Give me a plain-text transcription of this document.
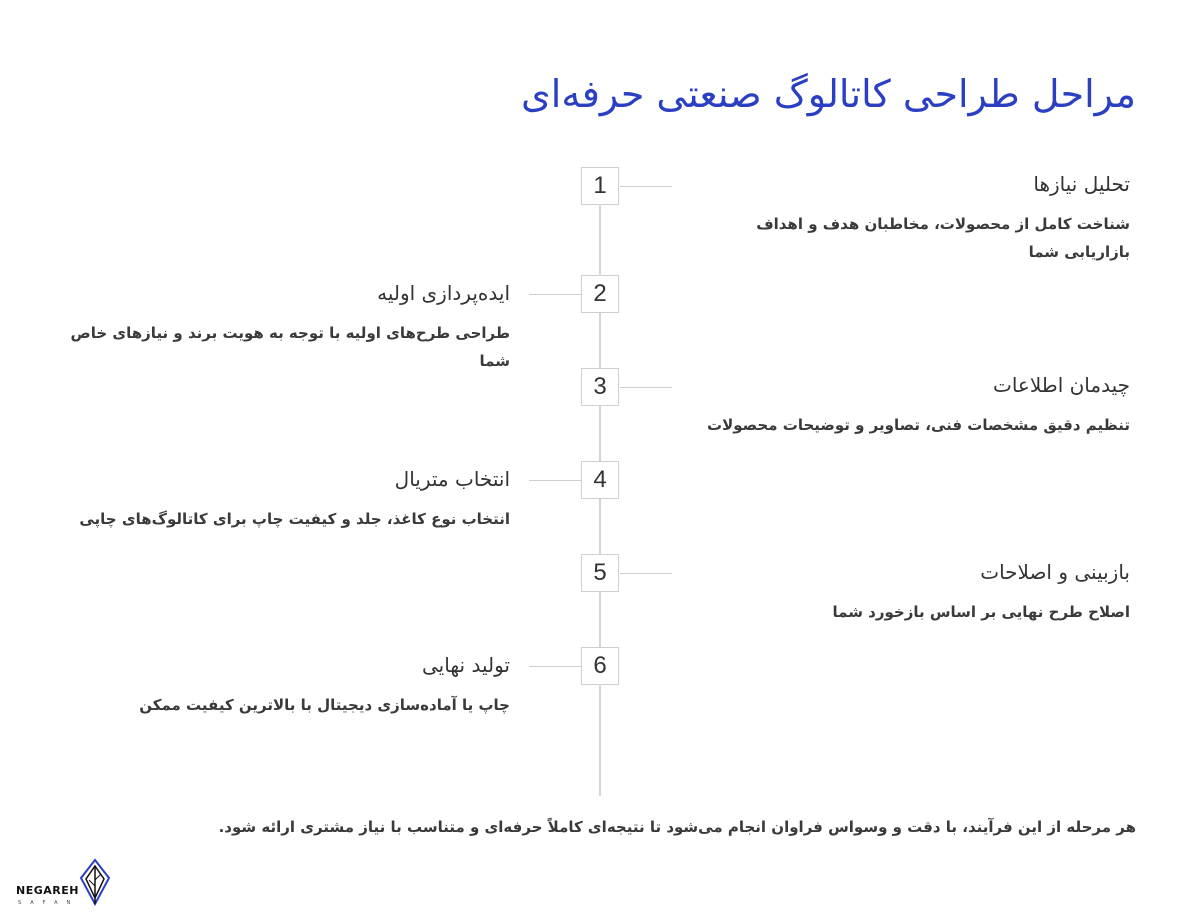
مراحل طراحی کاتالوگ صنعتی حرفه‌ای
1	تحلیل نیازها
شناخت کامل از محصولات، مخاطبان هدف و اهداف بازاریابی شما
2
ایده‌پردازی اولیه
طراحی طرح‌های اولیه با توجه به هویت برند و نیازهای خاص شما
3	چیدمان اطلاعات
تنظیم دقیق مشخصات فنی، تصاویر و توضیحات محصولات
4
انتخاب متریال
انتخاب نوع کاغذ، جلد و کیفیت چاپ برای کاتالوگ‌های چاپی
5	بازبینی و اصلاحات
اصلاح طرح نهایی بر اساس بازخورد شما
6
تولید نهایی
چاپ یا آماده‌سازی دیجیتال با بالاترین کیفیت ممکن
هر مرحله از این فرآیند، با دقت و وسواس فراوان انجام می‌شود تا نتیجه‌ای کاملاً حرفه‌ای و متناسب با نیاز مشتری ارائه شود.
NEGAREH
SAFAN
